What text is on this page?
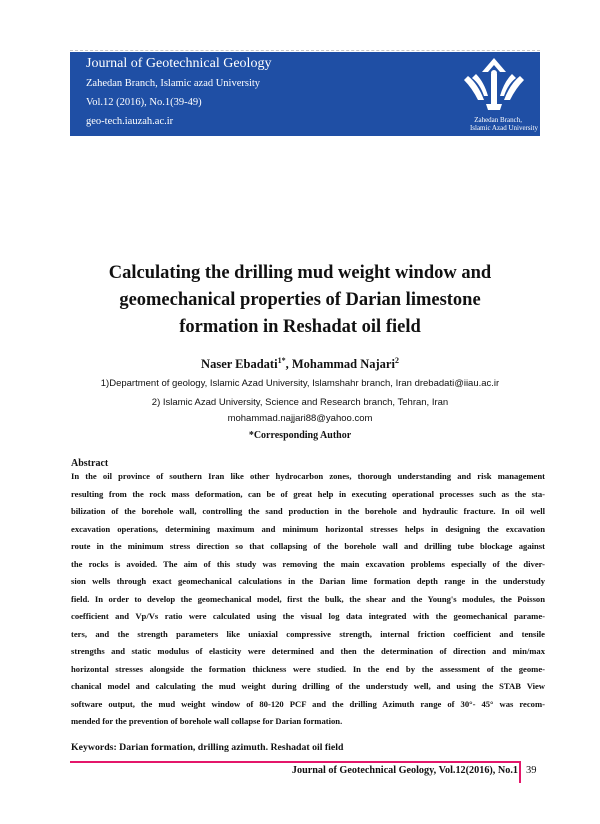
Journal of Geotechnical Geology
Zahedan Branch, Islamic azad University
Vol.12 (2016), No.1(39-49)
geo-tech.iauzah.ac.ir	Zahedan Branch,
Islamic Azad University
Calculating the drilling mud weight window and
geomechanical properties of Darian limestone
formation in Reshadat oil field
Naser Ebadati$^{1*}$, Mohammad Najari$^2$
1)Department of geology, Islamic Azad University, Islamshahr branch, Iran drebadati@iiau.ac.ir
2) Islamic Azad University, Science and Research branch, Tehran, Iran
mohammad.najjari88@yahoo.com
*Corresponding Author
Abstract
In the oil province of southern Iran like other hydrocarbon zones, thorough understanding and risk management
resulting from the rock mass deformation, can be of great help in executing operational processes such as the sta-
bilization of the borehole wall, controlling the sand production in the borehole and hydraulic fracture. In oil well
excavation operations, determining maximum and minimum horizontal stresses helps in designing the excavation
route in the minimum stress direction so that collapsing of the borehole wall and drilling tube blockage against
the rocks is avoided. The aim of this study was removing the main excavation problems especially of the diver-
sion wells through exact geomechanical calculations in the Darian lime formation depth range in the understudy
field. In order to develop the geomechanical model, first the bulk, the shear and the Young's modules, the Poisson
coefficient and Vp/Vs ratio were calculated using the visual log data integrated with the geomechanical parame-
ters, and the strength parameters like uniaxial compressive strength, internal friction coefficient and tensile
strengths and static modulus of elasticity were determined and then the determination of direction and min/max
horizontal stresses alongside the formation thickness were studied. In the end by the assessment of the geome-
chanical model and calculating the mud weight during drilling of the understudy well, and using the STAB View
software output, the mud weight window of 80-120 PCF and the drilling Azimuth range of 30°- 45° was recom-
mended for the prevention of borehole wall collapse for Darian formation.
Keywords: Darian formation, drilling azimuth. Reshadat oil field
Journal of Geotechnical Geology, Vol.12(2016), No.1 39
